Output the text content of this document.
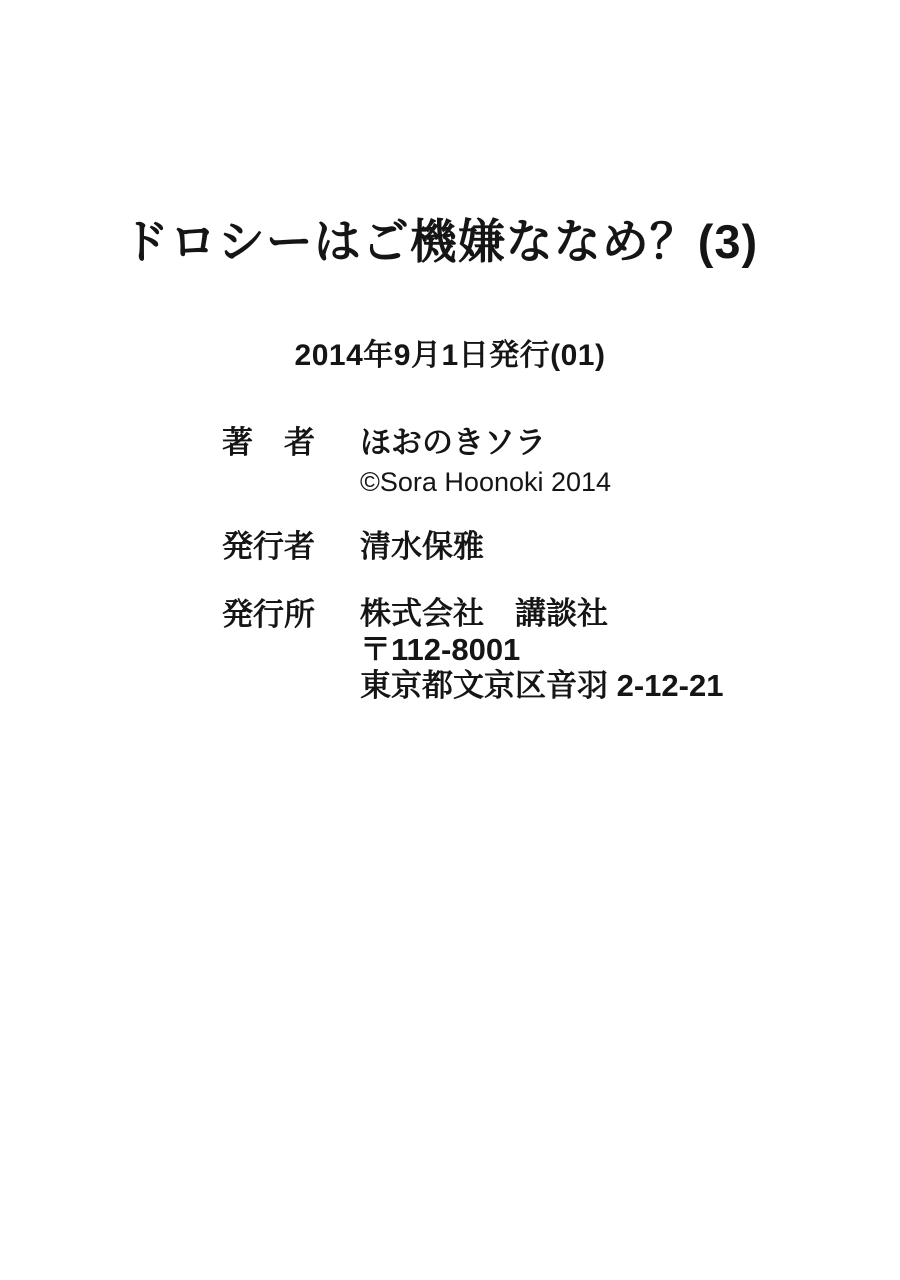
ドロシーはご機嫌ななめ？(3)
2014年9月1日発行(01)
著　者	ほおのきソラ
©Sora Hoonoki 2014
発行者	清水保雅
発行所	株式会社　講談社
〒112-8001
東京都文京区音羽 2-12-21
